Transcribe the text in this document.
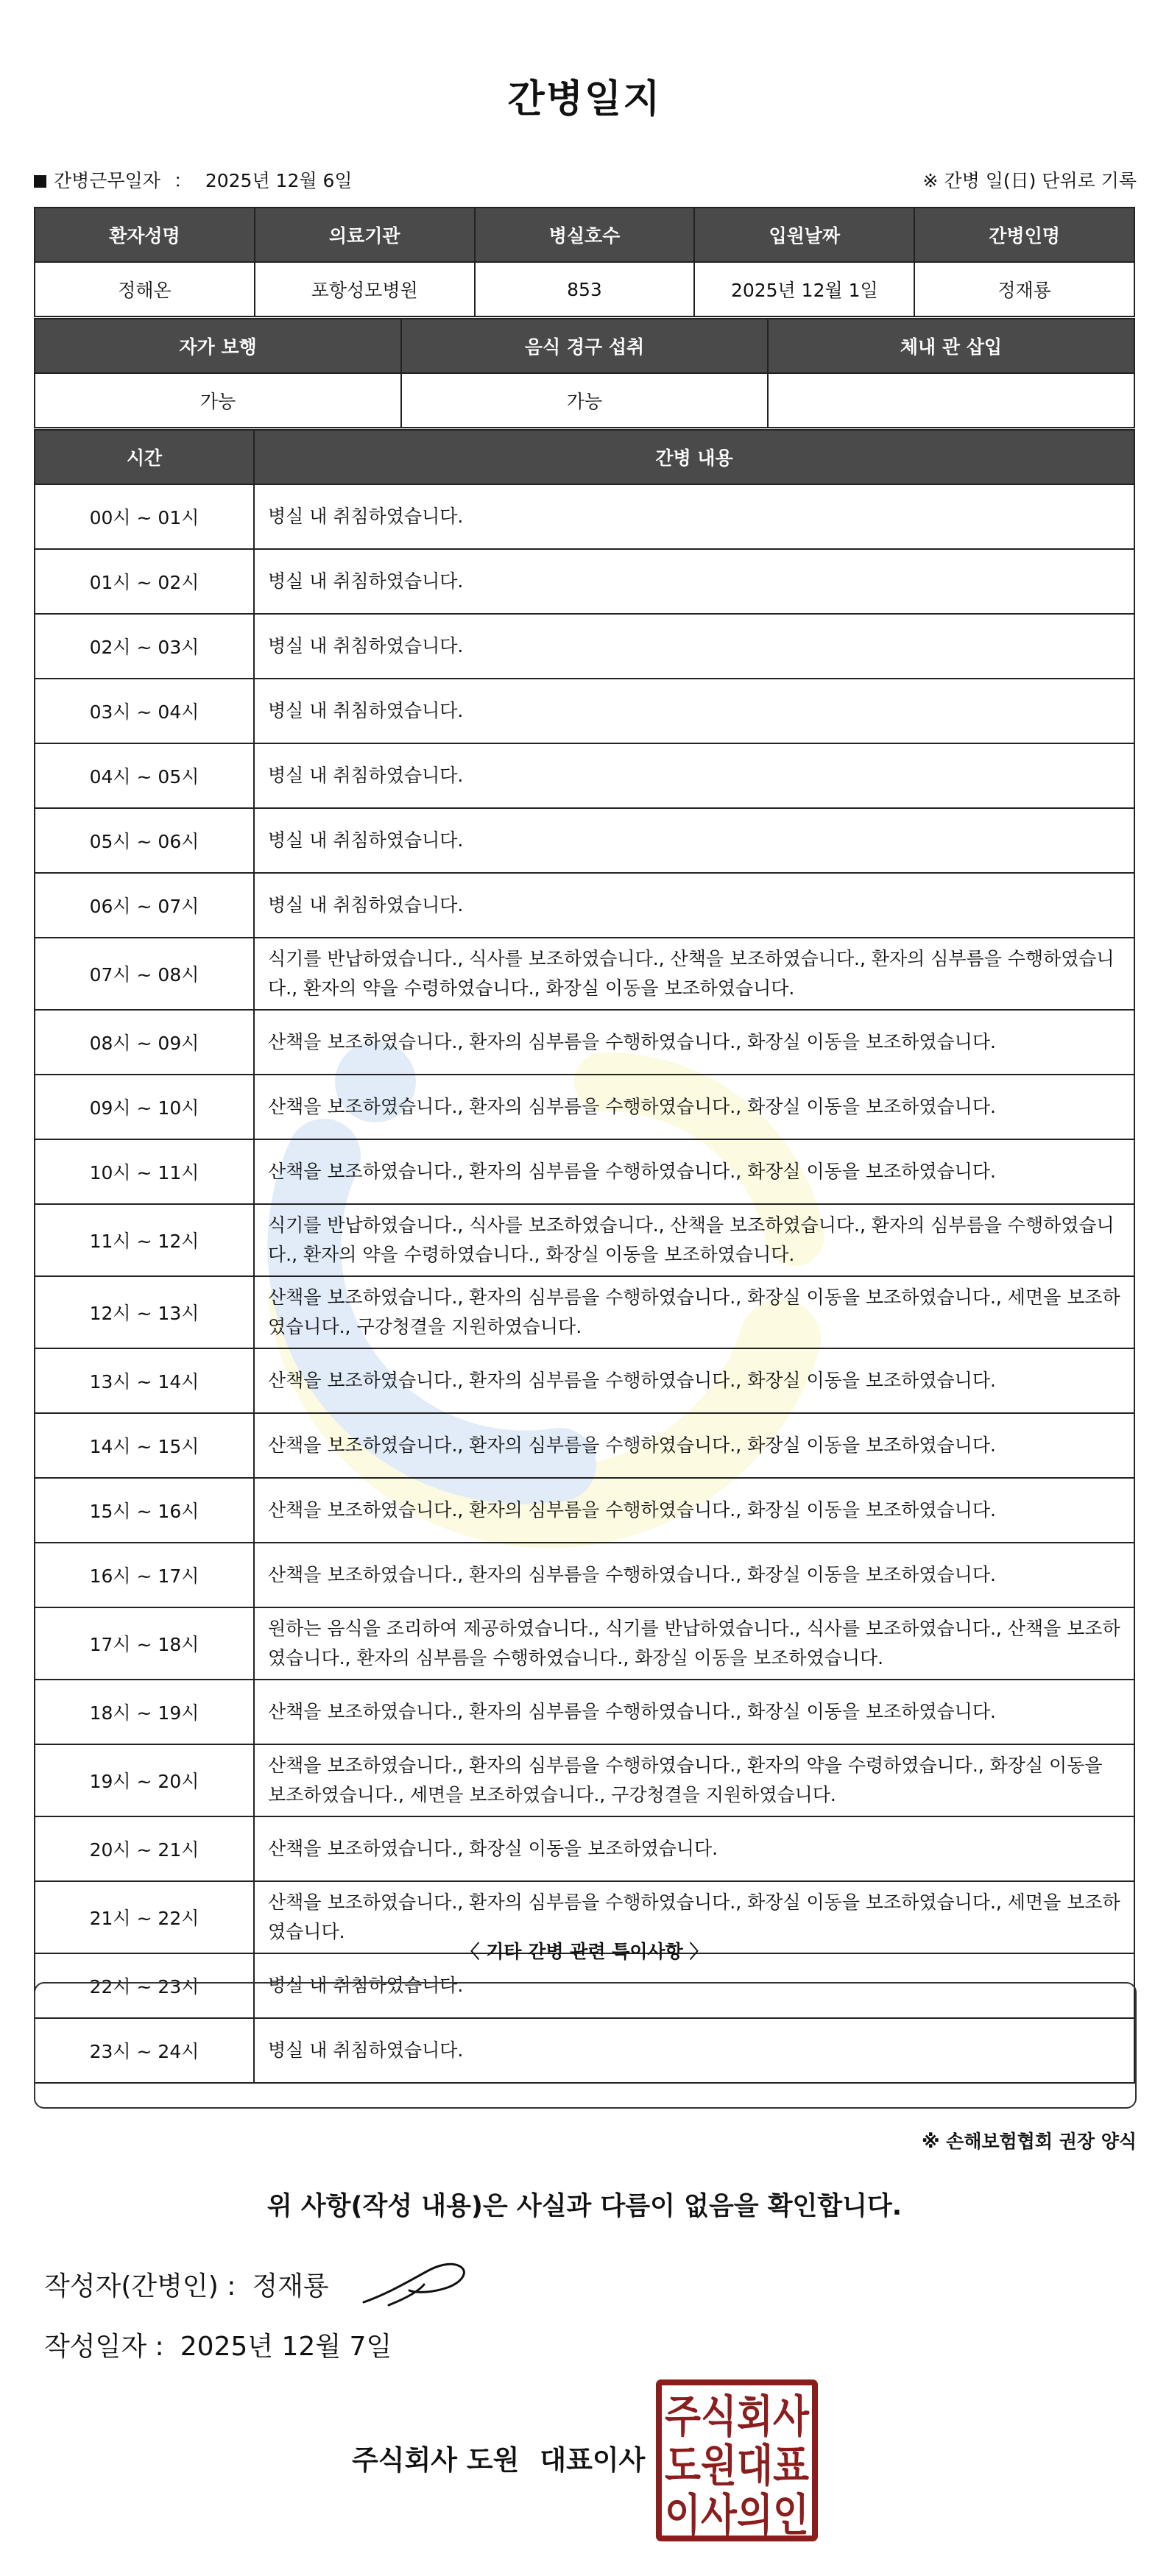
간병일지
간병근무일자 ： 2025년 12월 6일	※ 간병 일(日) 단위로 기록
환자성명	의료기관	병실호수	입원날짜	간병인명
정해온	포항성모병원	853	2025년 12월 1일	정재룡
자가 보행	음식 경구 섭취	체내 관 삽입
가능	가능	
시간	간병 내용
00시 ~ 01시	병실 내 취침하였습니다.
01시 ~ 02시	병실 내 취침하였습니다.
02시 ~ 03시	병실 내 취침하였습니다.
03시 ~ 04시	병실 내 취침하였습니다.
04시 ~ 05시	병실 내 취침하였습니다.
05시 ~ 06시	병실 내 취침하였습니다.
06시 ~ 07시	병실 내 취침하였습니다.
07시 ~ 08시	식기를 반납하였습니다., 식사를 보조하였습니다., 산책을 보조하였습니다., 환자의 심부름을 수행하였습니다., 환자의 약을 수령하였습니다., 화장실 이동을 보조하였습니다.
08시 ~ 09시	산책을 보조하였습니다., 환자의 심부름을 수행하였습니다., 화장실 이동을 보조하였습니다.
09시 ~ 10시	산책을 보조하였습니다., 환자의 심부름을 수행하였습니다., 화장실 이동을 보조하였습니다.
10시 ~ 11시	산책을 보조하였습니다., 환자의 심부름을 수행하였습니다., 화장실 이동을 보조하였습니다.
11시 ~ 12시	식기를 반납하였습니다., 식사를 보조하였습니다., 산책을 보조하였습니다., 환자의 심부름을 수행하였습니다., 환자의 약을 수령하였습니다., 화장실 이동을 보조하였습니다.
12시 ~ 13시	산책을 보조하였습니다., 환자의 심부름을 수행하였습니다., 화장실 이동을 보조하였습니다., 세면을 보조하였습니다., 구강청결을 지원하였습니다.
13시 ~ 14시	산책을 보조하였습니다., 환자의 심부름을 수행하였습니다., 화장실 이동을 보조하였습니다.
14시 ~ 15시	산책을 보조하였습니다., 환자의 심부름을 수행하였습니다., 화장실 이동을 보조하였습니다.
15시 ~ 16시	산책을 보조하였습니다., 환자의 심부름을 수행하였습니다., 화장실 이동을 보조하였습니다.
16시 ~ 17시	산책을 보조하였습니다., 환자의 심부름을 수행하였습니다., 화장실 이동을 보조하였습니다.
17시 ~ 18시	원하는 음식을 조리하여 제공하였습니다., 식기를 반납하였습니다., 식사를 보조하였습니다., 산책을 보조하였습니다., 환자의 심부름을 수행하였습니다., 화장실 이동을 보조하였습니다.
18시 ~ 19시	산책을 보조하였습니다., 환자의 심부름을 수행하였습니다., 화장실 이동을 보조하였습니다.
19시 ~ 20시	산책을 보조하였습니다., 환자의 심부름을 수행하였습니다., 환자의 약을 수령하였습니다., 화장실 이동을 보조하였습니다., 세면을 보조하였습니다., 구강청결을 지원하였습니다.
20시 ~ 21시	산책을 보조하였습니다., 화장실 이동을 보조하였습니다.
21시 ~ 22시	산책을 보조하였습니다., 환자의 심부름을 수행하였습니다., 화장실 이동을 보조하였습니다., 세면을 보조하였습니다.
22시 ~ 23시	병실 내 취침하였습니다.
23시 ~ 24시	병실 내 취침하였습니다.
〈 기타 간병 관련 특이사항 〉
※ 손해보험협회 권장 양식
위 사항(작성 내용)은 사실과 다름이 없음을 확인합니다.
작성자(간병인) : 정재룡
작성일자 : 2025년 12월 7일
주식회사 도원 대표이사
주식회사
도원대표
이사의인
